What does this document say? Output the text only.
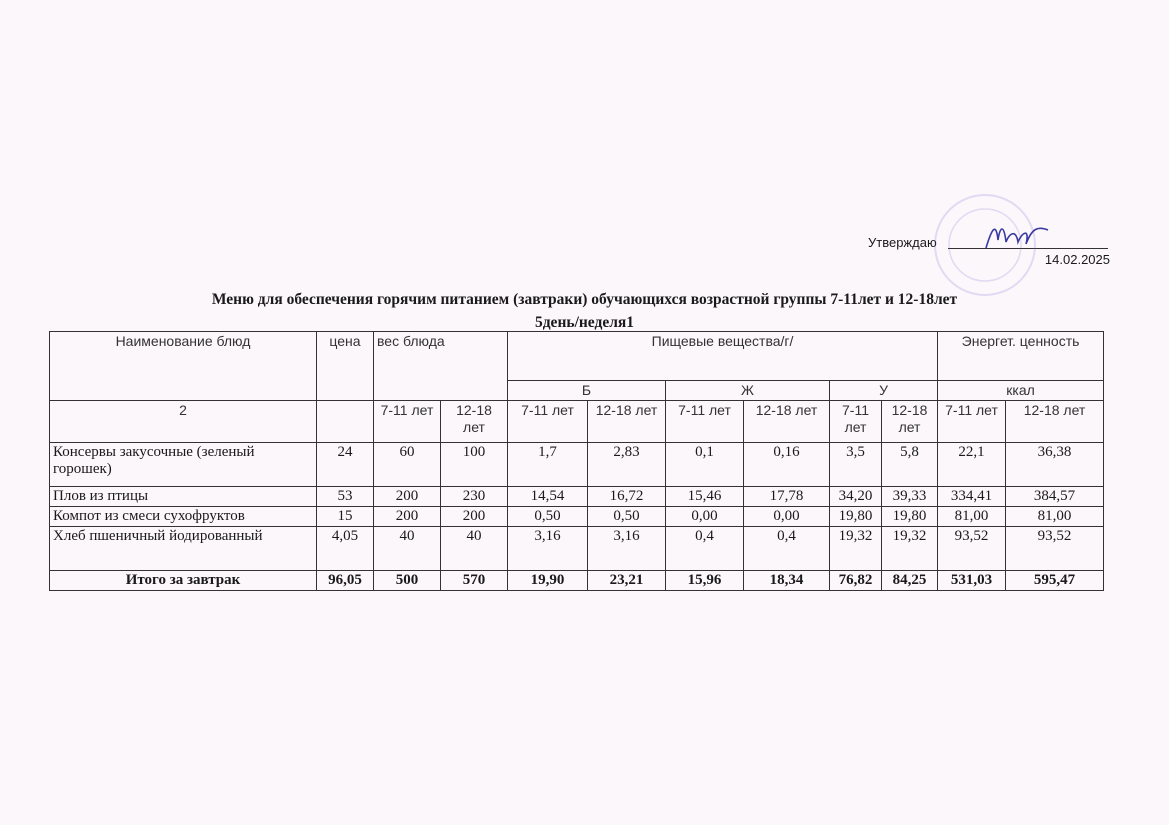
Утверждаю
14.02.2025
Меню для обеспечения горячим питанием (завтраки) обучающихся возрастной группы 7-11лет и 12-18лет
5день/неделя1
Наименование блюд	цена	вес блюда		Пищевые вещества/г/						Энергет. ценность	
				Б		Ж		У		ккал	
2		7-11 лет	12-18 лет	7-11 лет	12-18 лет	7-11 лет	12-18 лет	7-11 лет	12-18 лет	7-11 лет	12-18 лет
Консервы закусочные (зеленый горошек)	24	60	100	1,7	2,83	0,1	0,16	3,5	5,8	22,1	36,38
Плов из птицы	53	200	230	14,54	16,72	15,46	17,78	34,20	39,33	334,41	384,57
Компот из смеси сухофруктов	15	200	200	0,50	0,50	0,00	0,00	19,80	19,80	81,00	81,00
Хлеб пшеничный йодированный	4,05	40	40	3,16	3,16	0,4	0,4	19,32	19,32	93,52	93,52
Итого за завтрак	96,05	500	570	19,90	23,21	15,96	18,34	76,82	84,25	531,03	595,47
